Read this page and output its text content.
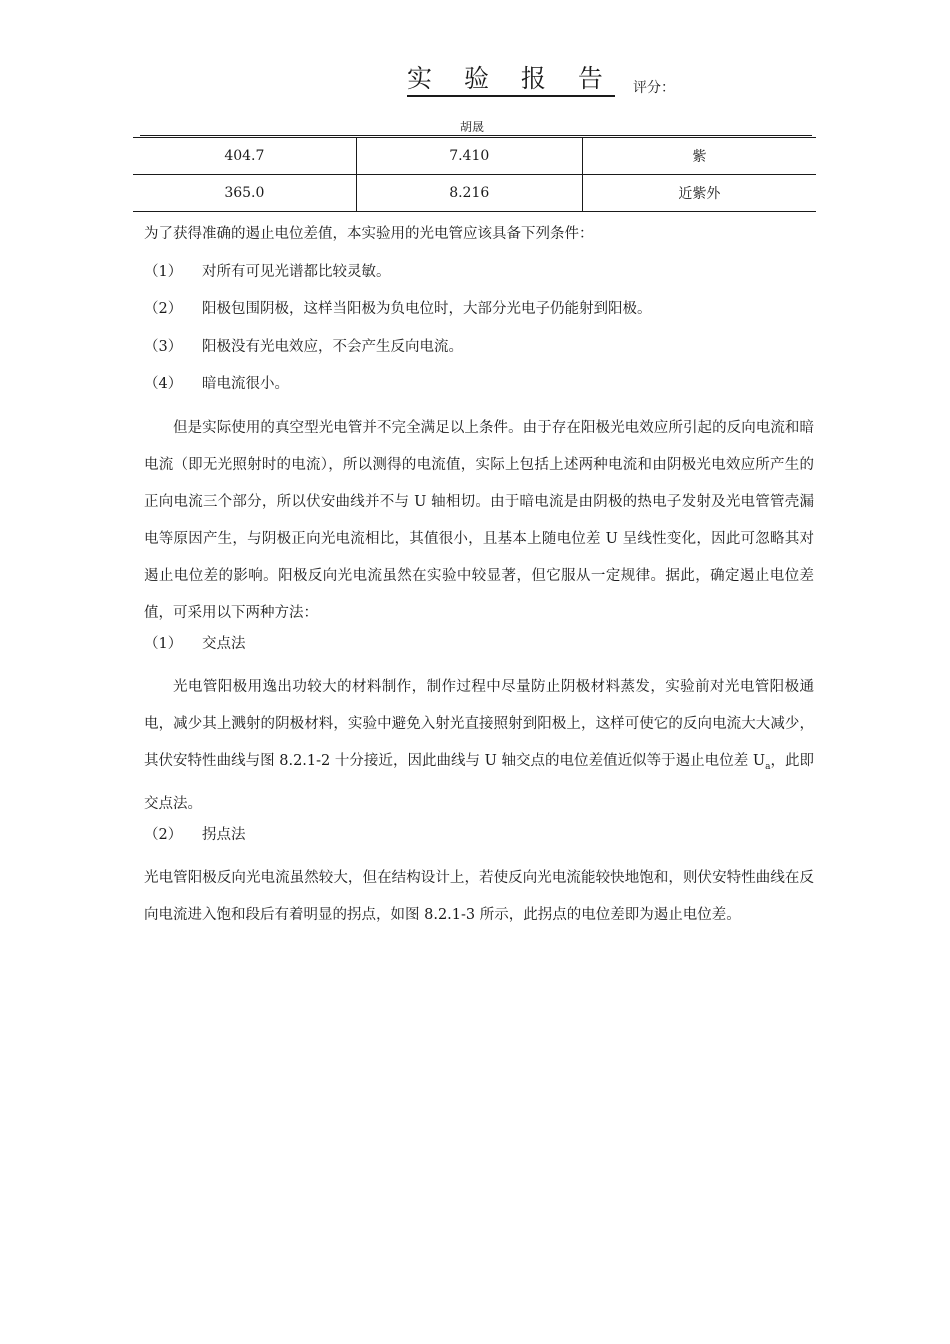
实 验 报 告 评分：
胡晟
404.7	7.410	紫
365.0	8.216	近紫外
为了获得准确的遏止电位差值，本实验用的光电管应该具备下列条件：
（1） 对所有可见光谱都比较灵敏。
（2） 阳极包围阴极，这样当阳极为负电位时，大部分光电子仍能射到阳极。
（3） 阳极没有光电效应，不会产生反向电流。
（4） 暗电流很小。
但是实际使用的真空型光电管并不完全满足以上条件。由于存在阳极光电效应所引起的反向电流和暗电流（即无光照射时的电流），所以测得的电流值，实际上包括上述两种电流和由阴极光电效应所产生的正向电流三个部分，所以伏安曲线并不与 U 轴相切。由于暗电流是由阴极的热电子发射及光电管管壳漏电等原因产生，与阴极正向光电流相比，其值很小，且基本上随电位差 U 呈线性变化，因此可忽略其对遏止电位差的影响。阳极反向光电流虽然在实验中较显著，但它服从一定规律。据此，确定遏止电位差值，可采用以下两种方法：
（1） 交点法
光电管阳极用逸出功较大的材料制作，制作过程中尽量防止阴极材料蒸发，实验前对光电管阳极通电，减少其上溅射的阴极材料，实验中避免入射光直接照射到阳极上，这样可使它的反向电流大大减少，其伏安特性曲线与图 8.2.1-2 十分接近，因此曲线与 U 轴交点的电位差值近似等于遏止电位差 $U_a$，此即交点法。
（2） 拐点法
光电管阳极反向光电流虽然较大，但在结构设计上，若使反向光电流能较快地饱和，则伏安特性曲线在反向电流进入饱和段后有着明显的拐点，如图 8.2.1-3 所示，此拐点的电位差即为遏止电位差。
